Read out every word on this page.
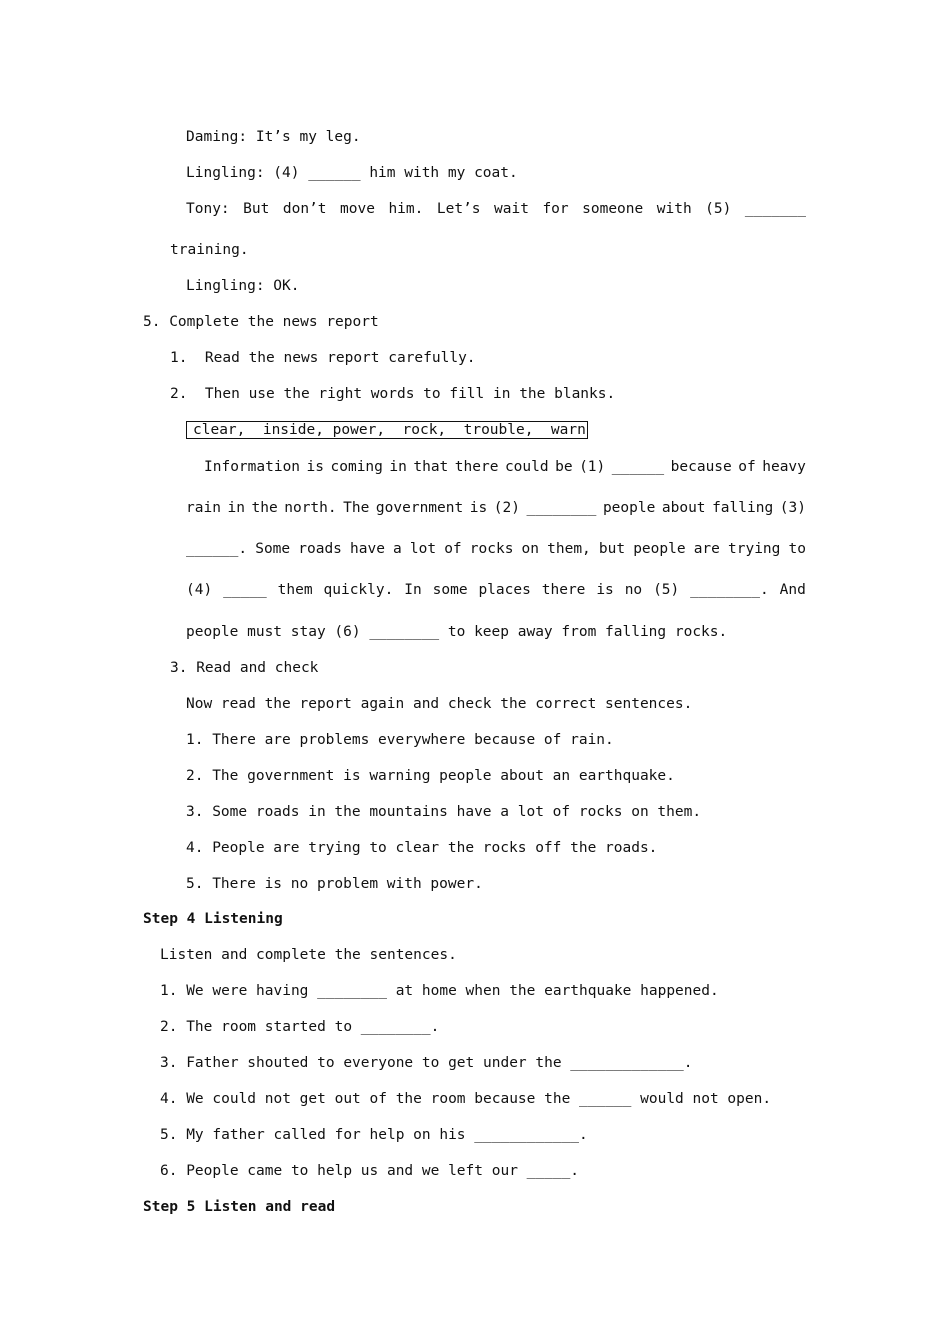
Daming: It’s my leg.
Lingling: (4) ______ him with my coat.
Tony: But don’t move him. Let’s wait for someone with (5) _______
training.
Lingling: OK.
5. Complete the news report
1.  Read the news report carefully.
2.  Then use the right words to fill in the blanks.
clear,  inside, power,  rock,  trouble,  warn
Information is coming in that there could be (1) ______ because of heavy
rain in the north. The government is (2) ________ people about falling (3)
______. Some roads have a lot of rocks on them, but people are trying to
(4) _____ them quickly. In some places there is no (5) ________. And
people must stay (6) ________ to keep away from falling rocks.
3. Read and check
Now read the report again and check the correct sentences.
1. There are problems everywhere because of rain.
2. The government is warning people about an earthquake.
3. Some roads in the mountains have a lot of rocks on them.
4. People are trying to clear the rocks off the roads.
5. There is no problem with power.
Step 4 Listening
Listen and complete the sentences.
1. We were having ________ at home when the earthquake happened.
2. The room started to ________.
3. Father shouted to everyone to get under the _____________.
4. We could not get out of the room because the ______ would not open.
5. My father called for help on his ____________.
6. People came to help us and we left our _____.
Step 5 Listen and read
